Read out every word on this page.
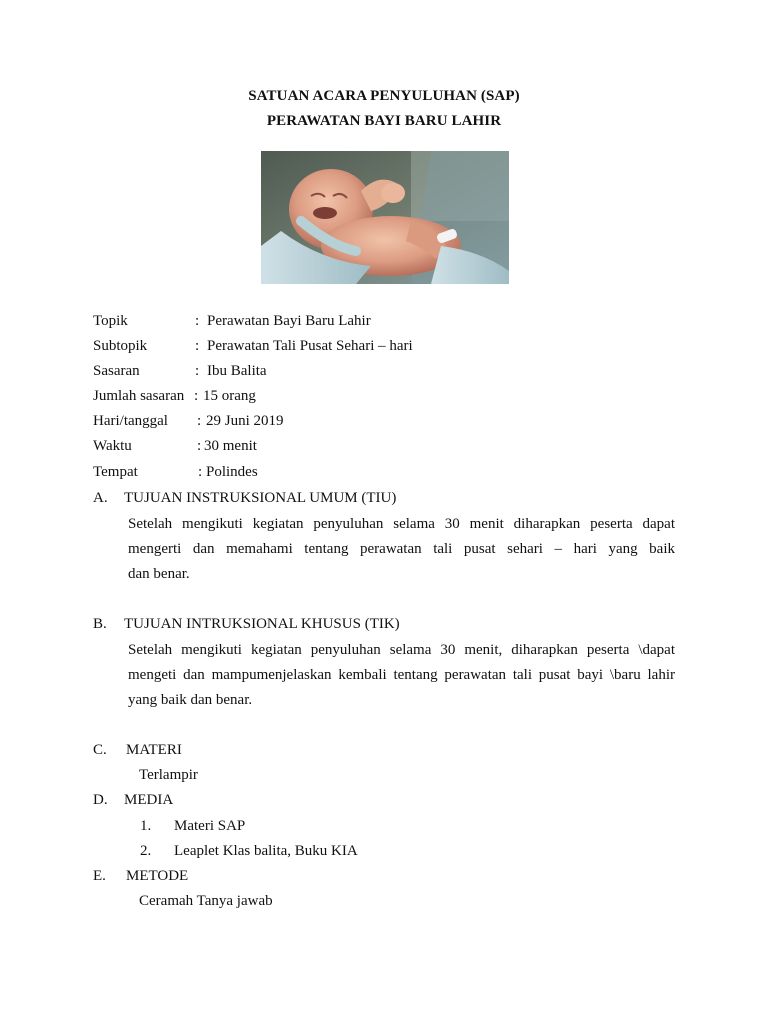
SATUAN ACARA PENYULUHAN (SAP)
PERAWATAN BAYI BARU LAHIR
Topik	: Perawatan Bayi Baru Lahir
Subtopik	: Perawatan Tali Pusat Sehari – hari
Sasaran	: Ibu Balita
Jumlah sasaran : 15 orang
Hari/tanggal : 29 Juni 2019
Waktu	: 30 menit
Tempat	: Polindes
A. TUJUAN INSTRUKSIONAL UMUM (TIU)
Setelah mengikuti kegiatan penyuluhan selama 30 menit diharapkan peserta dapat
mengerti dan memahami tentang perawatan tali pusat sehari – hari yang baik
dan benar.
B. TUJUAN INTRUKSIONAL KHUSUS (TIK)
Setelah mengikuti kegiatan penyuluhan selama 30 menit, diharapkan peserta \dapat
mengeti dan mampumenjelaskan kembali tentang perawatan tali pusat bayi \baru lahir
yang baik dan benar.
C. MATERI
Terlampir
D. MEDIA
1. Materi SAP
2. Leaplet Klas balita, Buku KIA
E. METODE
Ceramah Tanya jawab
